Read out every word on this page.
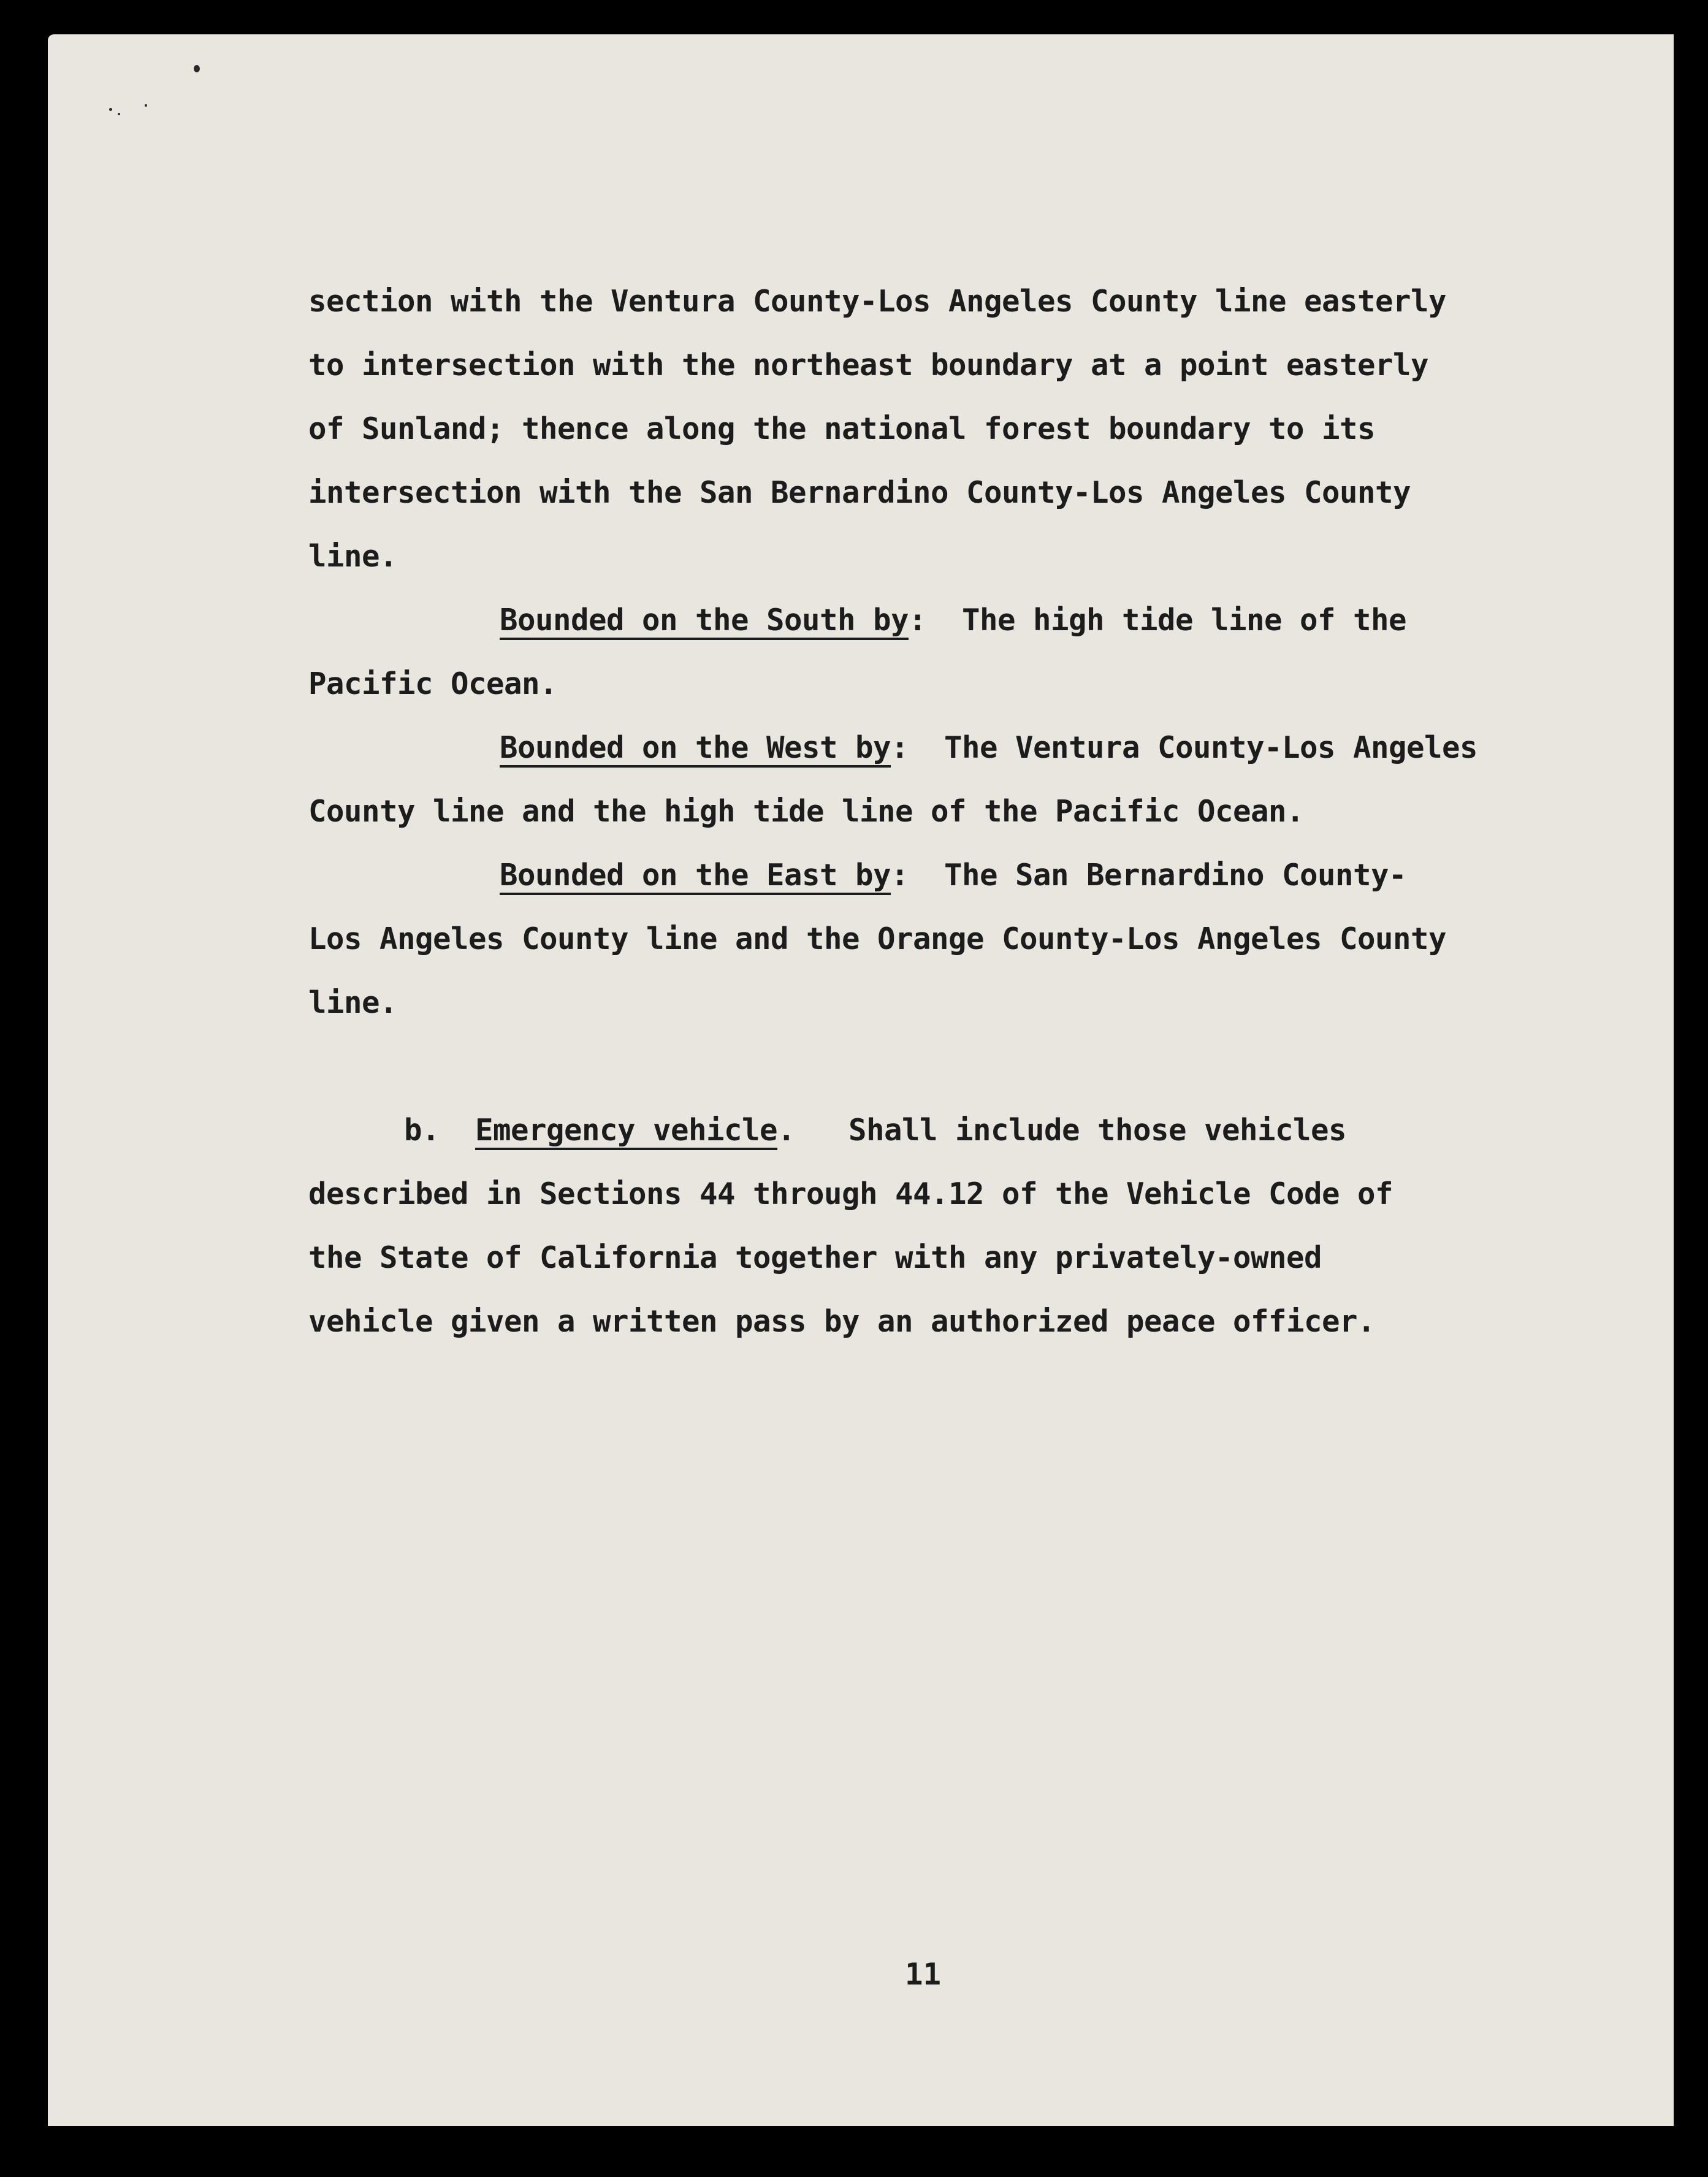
section with the Ventura County-Los Angeles County line easterly
to intersection with the northeast boundary at a point easterly
of Sunland; thence along the national forest boundary to its
intersection with the San Bernardino County-Los Angeles County
line.
Bounded on the South by:  The high tide line of the
Pacific Ocean.
Bounded on the West by:  The Ventura County-Los Angeles
County line and the high tide line of the Pacific Ocean.
Bounded on the East by:  The San Bernardino County-
Los Angeles County line and the Orange County-Los Angeles County
line.
b.  Emergency vehicle.   Shall include those vehicles
described in Sections 44 through 44.12 of the Vehicle Code of
the State of California together with any privately-owned
vehicle given a written pass by an authorized peace officer.
11
